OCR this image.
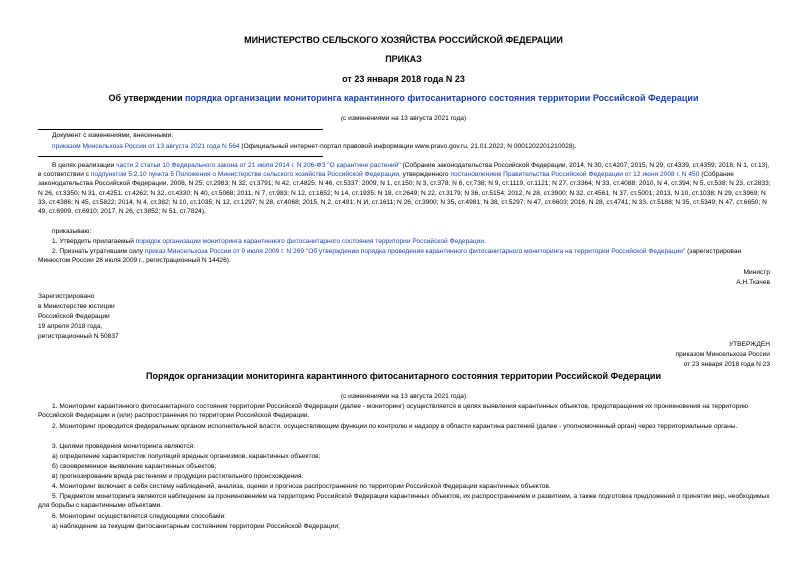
МИНИСТЕРСТВО СЕЛЬСКОГО ХОЗЯЙСТВА РОССИЙСКОЙ ФЕДЕРАЦИИ
ПРИКАЗ
от 23 января 2018 года N 23
Об утверждении порядка организации мониторинга карантинного фитосанитарного состояния территории Российской Федерации
(с изменениями на 13 августа 2021 года)
Документ с изменениями, внесенными:
приказом Минсельхоза России от 13 августа 2021 года N 564 (Официальный интернет-портал правовой информации www.pravo.gov.ru, 21.01.2022, N 0001202201210028).
В целях реализации части 2 статьи 10 Федерального закона от 21 июля 2014 г. N 206-ФЗ "О карантине растений" (Собрание законодательства Российской Федерации, 2014, N 30, ст.4207; 2015, N 29, ст.4339, ст.4359; 2018, N 1, ст.13), в соответствии с подпунктом 5.2.10 пункта 5 Положения о Министерстве сельского хозяйства Российской Федерации, утвержденного постановлением Правительства Российской Федерации от 12 июня 2008 г. N 450 (Собрание законодательства Российской Федерации, 2008, N 25, ст.2983; N 32, ст.3791; N 42, ст.4825; N 46, ст.5337; 2009, N 1, ст.150; N 3, ст.378; N 6, ст.738; N 9, ст.1119, ст.1121; N 27, ст.3364; N 33, ст.4088; 2010, N 4, ст.394; N 5, ст.538; N 23, ст.2833; N 26, ст.3350; N 31, ст.4251, ст.4262; N 32, ст.4330; N 40, ст.5068; 2011, N 7, ст.983; N 12, ст.1652; N 14, ст.1935; N 18, ст.2649; N 22, ст.3179; N 36, ст.5154; 2012, N 28, ст.3900; N 32, ст.4561; N 37, ст.5001; 2013, N 10, ст.1038; N 29, ст.3969; N 33, ст.4386; N 45, ст.5822; 2014, N 4, ст.382; N 10, ст.1035; N 12, ст.1297; N 28, ст.4068; 2015, N 2, ст.491; N И, ст.1611; N 26, ст.3900; N 35, ст.4981; N 38, ст.5297; N 47, ст.6603; 2016, N 28, ст.4741; N 33, ст.5188; N 35, ст.5349; N 47, ст.6650; N 49, ст.6909, ст.6910; 2017, N 26, ст.3852; N 51, ст.7824),
приказываю:
1. Утвердить прилагаемый порядок организации мониторинга карантинного фитосанитарного состояния территории Российской Федерации.
2. Признать утратившим силу приказ Минсельхоза России от 9 июля 2009 г. N 269 "Об утверждении порядка проведения карантинного фитосанитарного мониторинга на территории Российской Федерации" (зарегистрирован Минюстом России 28 июля 2009 г., регистрационный N 14426).
Министр
А.Н.Ткачев
Зарегистрировано
в Министерстве юстиции
Российской Федерации
19 апреля 2018 года,
регистрационный N 50837
УТВЕРЖДЕН
приказом Минсельхоза России
от 23 января 2018 года N 23
Порядок организации мониторинга карантинного фитосанитарного состояния территории Российской Федерации
(с изменениями на 13 августа 2021 года)
1. Мониторинг карантинного фитосанитарного состояния территории Российской Федерации (далее - мониторинг) осуществляется в целях выявления карантинных объектов, предотвращения их проникновения на территорию Российской Федерации и (или) распространения по территории Российской Федерации.
2. Мониторинг проводится федеральным органом исполнительной власти, осуществляющим функции по контролю и надзору в области карантина растений (далее - уполномоченный орган) через территориальные органы.
3. Целями проведения мониторинга являются:
а) определение характеристик популяций вредных организмов, карантинных объектов;
б) своевременное выявление карантинных объектов;
в) прогнозирование вреда растениям и продукции растительного происхождения.
4. Мониторинг включает в себя систему наблюдений, анализа, оценки и прогноза распространения по территории Российской Федерации карантинных объектов.
5. Предметом мониторинга являются наблюдение за проникновением на территорию Российской Федерации карантинных объектов, их распространением и развитием, а также подготовка предложений о принятии мер, необходимых для борьбы с карантинными объектами.
6. Мониторинг осуществляется следующими способами:
а) наблюдение за текущим фитосанитарным состоянием территории Российской Федерации;
